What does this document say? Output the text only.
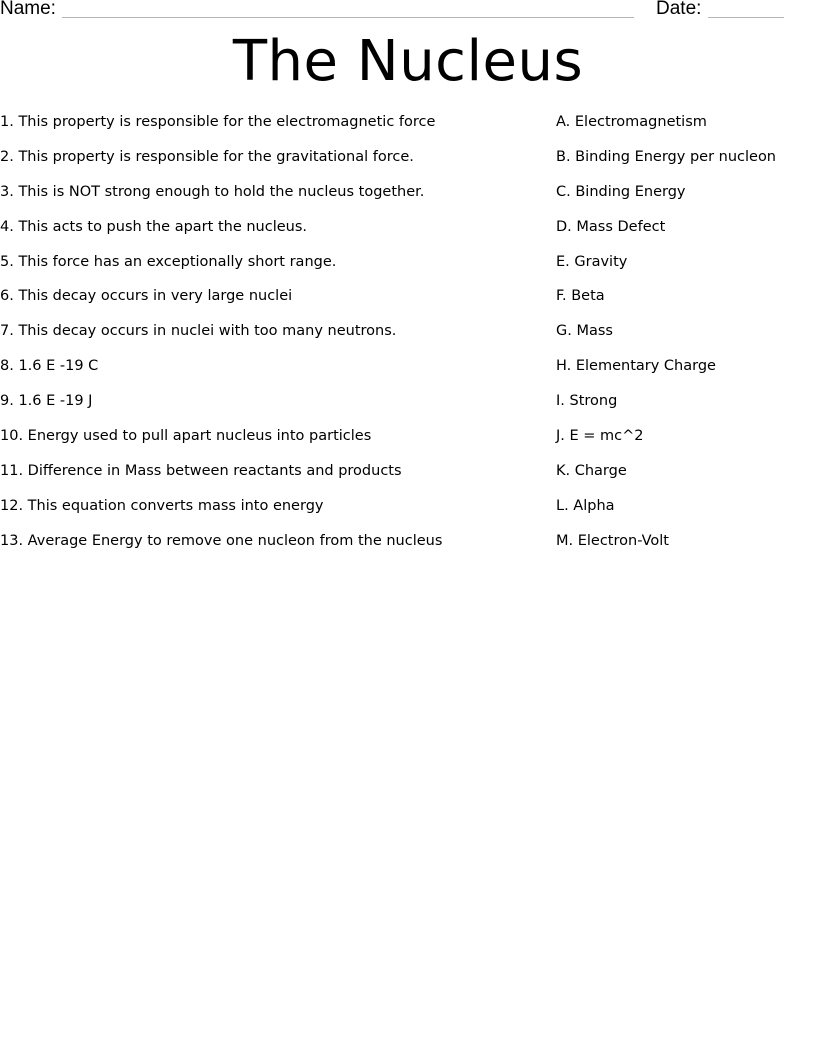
Name:	Date:
The Nucleus
1. This property is responsible for the electromagnetic force
2. This property is responsible for the gravitational force.
3. This is NOT strong enough to hold the nucleus together.
4. This acts to push the apart the nucleus.
5. This force has an exceptionally short range.
6. This decay occurs in very large nuclei
7. This decay occurs in nuclei with too many neutrons.
8. 1.6 E -19 C
9. 1.6 E -19 J
10. Energy used to pull apart nucleus into particles
11. Difference in Mass between reactants and products
12. This equation converts mass into energy
13. Average Energy to remove one nucleon from the nucleus
A. Electromagnetism
B. Binding Energy per nucleon
C. Binding Energy
D. Mass Defect
E. Gravity
F. Beta
G. Mass
H. Elementary Charge
I. Strong
J. E = mc^2
K. Charge
L. Alpha
M. Electron-Volt
